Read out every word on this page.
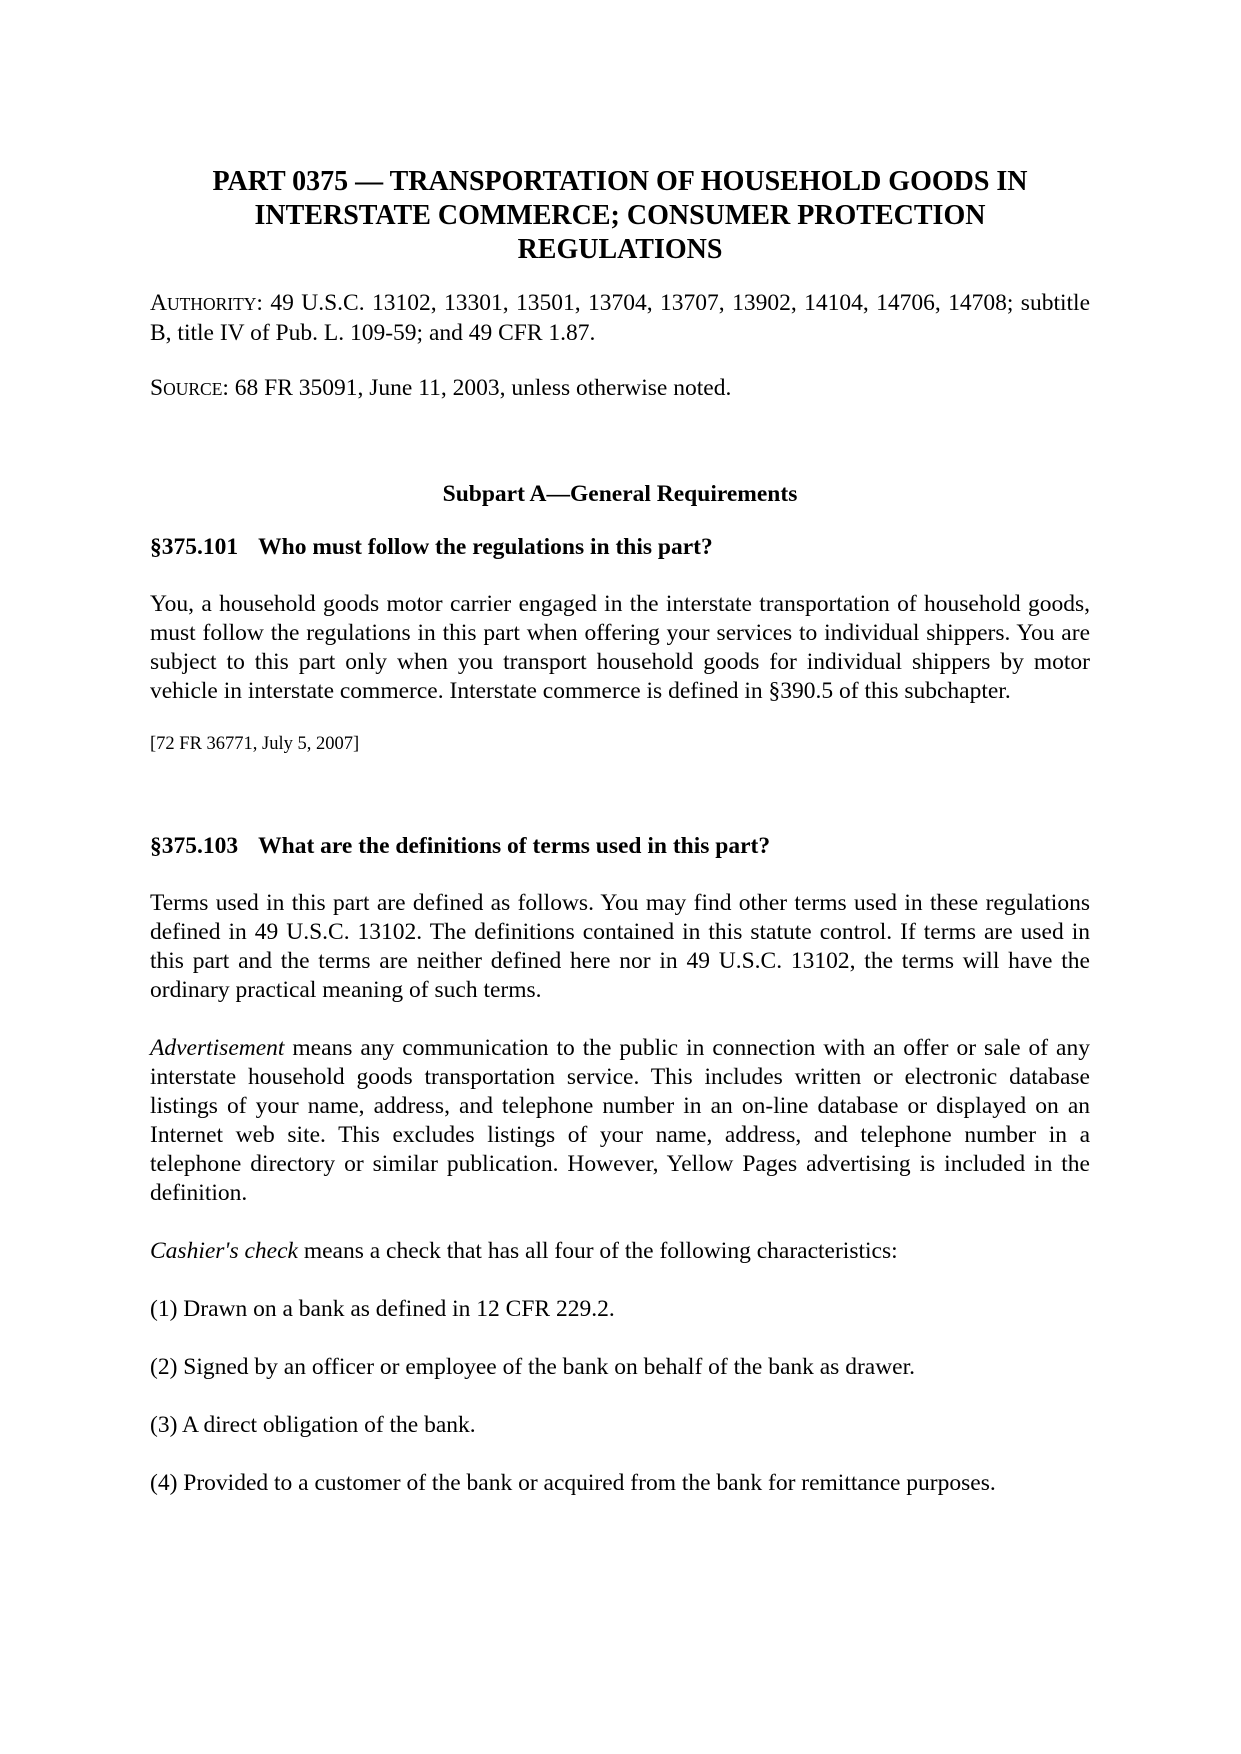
PART 0375 — TRANSPORTATION OF HOUSEHOLD GOODS IN
INTERSTATE COMMERCE; CONSUMER PROTECTION
REGULATIONS

AUTHORITY: 49 U.S.C. 13102, 13301, 13501, 13704, 13707, 13902, 14104, 14706, 14708; subtitle B, title IV of Pub. L. 109-59; and 49 CFR 1.87.

SOURCE: 68 FR 35091, June 11, 2003, unless otherwise noted.

Subpart A—General Requirements
§375.101 Who must follow the regulations in this part?

You, a household goods motor carrier engaged in the interstate transportation of household goods, must follow the regulations in this part when offering your services to individual shippers. You are subject to this part only when you transport household goods for individual shippers by motor vehicle in interstate commerce. Interstate commerce is defined in §390.5 of this subchapter.

[72 FR 36771, July 5, 2007]

§375.103 What are the definitions of terms used in this part?

Terms used in this part are defined as follows. You may find other terms used in these regulations defined in 49 U.S.C. 13102. The definitions contained in this statute control. If terms are used in this part and the terms are neither defined here nor in 49 U.S.C. 13102, the terms will have the ordinary practical meaning of such terms.

Advertisement means any communication to the public in connection with an offer or sale of any interstate household goods transportation service. This includes written or electronic database listings of your name, address, and telephone number in an on-line database or displayed on an Internet web site. This excludes listings of your name, address, and telephone number in a telephone directory or similar publication. However, Yellow Pages advertising is included in the definition.

Cashier's check means a check that has all four of the following characteristics:

(1) Drawn on a bank as defined in 12 CFR 229.2.

(2) Signed by an officer or employee of the bank on behalf of the bank as drawer.

(3) A direct obligation of the bank.

(4) Provided to a customer of the bank or acquired from the bank for remittance purposes.
